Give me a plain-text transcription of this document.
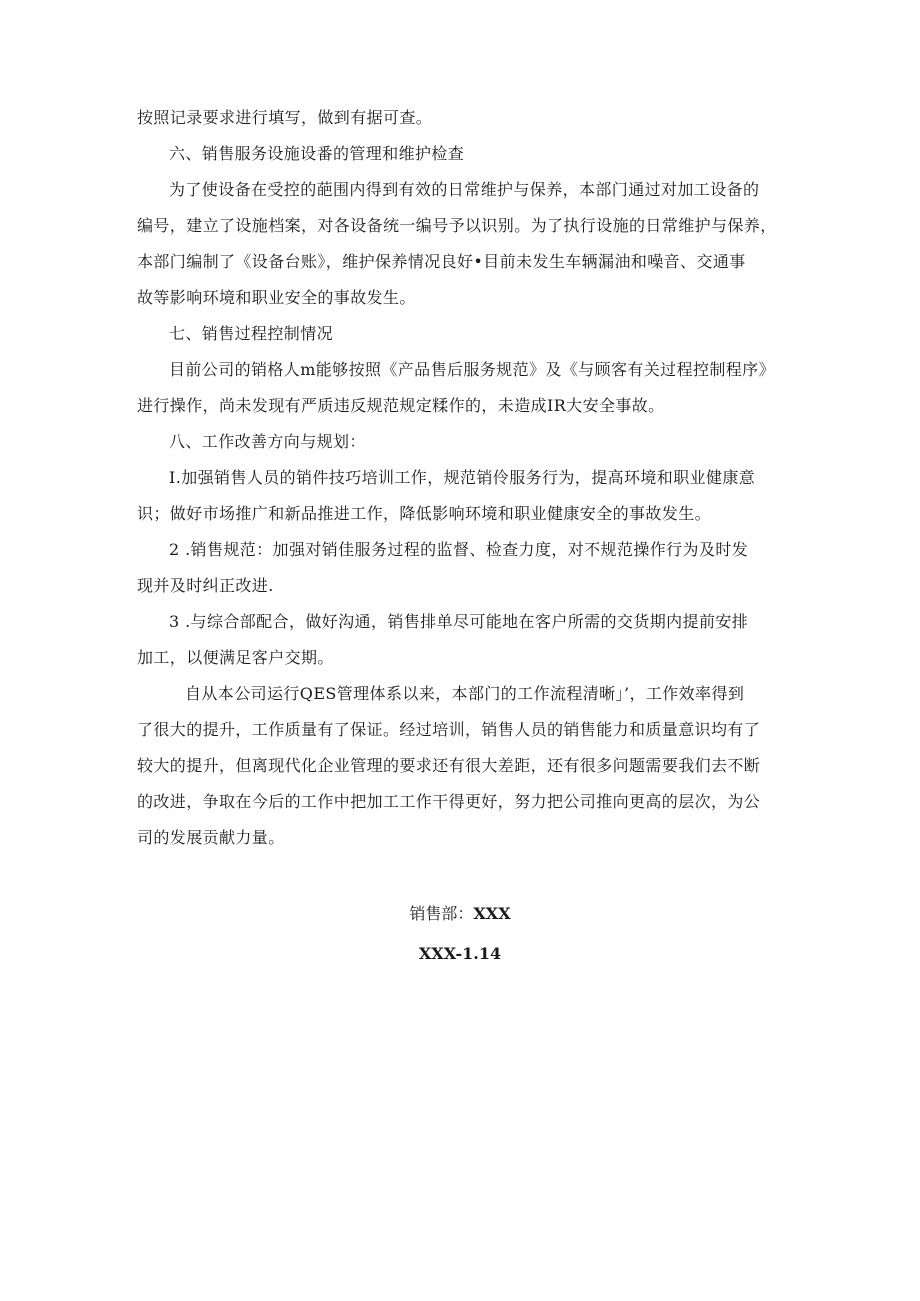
按照记录要求进行填写，做到有据可查。
六、销售服务设施设番的管理和维护检查
为了使设备在受控的葩围内得到有效的日常维护与保养，本部门通过对加工设备的
编号，建立了设施档案，对各设备统一编号予以识别。为了执行设施的日常维护与保养，
本部门编制了《设备台账》，维护保养情况良好•目前未发生车辆漏油和噪音、交通事
故等影响环境和职业安全的事故发生。
七、销售过程控制情况
目前公司的销格人m能够按照《产品售后服务规范》及《与顾客有关过程控制程序》
进行操作，尚未发现有严质违反规范规定糅作的，未造成IR大安全事故。
八、工作改善方向与规划：
I.加强销售人员的销件技巧培训工作，规范销伶服务行为，提高环境和职业健康意
识；做好市场推广和新品推进工作，降低影响环境和职业健康安全的事故发生。
2 .销售规范：加强对销佳服务过程的监督、检查力度，对不规范操作行为及时发
现并及时纠正改进.
3 .与综合部配合，做好沟通，销售排单尽可能地在客户所需的交货期内提前安排
加工，以便满足客户交期。
自从本公司运行QES管理体系以来，本部门的工作流程清晰」’，工作效率得到
了很大的提升，工作质量有了保证。经过培训，销售人员的销售能力和质量意识均有了
较大的提升，但离现代化企业管理的要求还有很大差距，还有很多问题需要我们去不断
的改进，争取在今后的工作中把加工工作干得更好，努力把公司推向更高的层次，为公
司的发展贡献力量。
销售部：XXX
XXX-1.14
